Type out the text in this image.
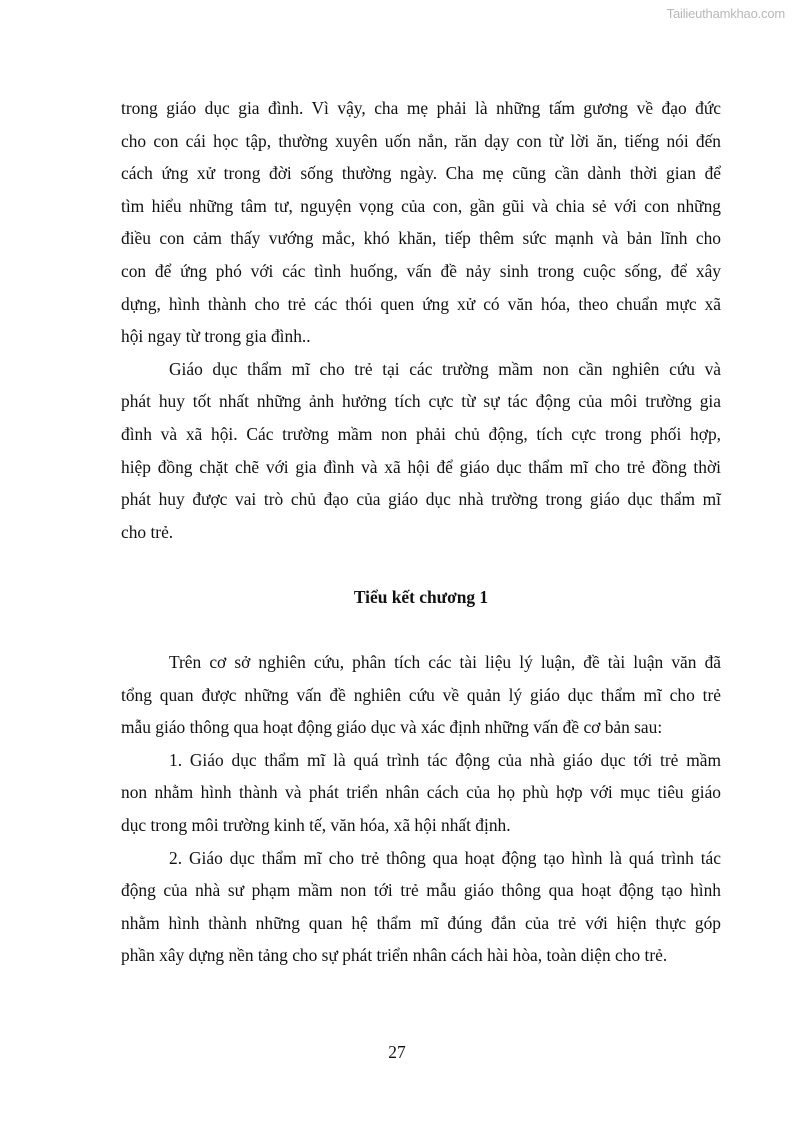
Tailieuthamkhao.com

trong giáo dục gia đình. Vì vậy, cha mẹ phải là những tấm gương về đạo đức
cho con cái học tập, thường xuyên uốn nắn, răn dạy con từ lời ăn, tiếng nói đến
cách ứng xử trong đời sống thường ngày. Cha mẹ cũng cần dành thời gian để
tìm hiểu những tâm tư, nguyện vọng của con, gần gũi và chia sẻ với con những
điều con cảm thấy vướng mắc, khó khăn, tiếp thêm sức mạnh và bản lĩnh cho
con để ứng phó với các tình huống, vấn đề nảy sinh trong cuộc sống, để xây
dựng, hình thành cho trẻ các thói quen ứng xử có văn hóa, theo chuẩn mực xã
hội ngay từ trong gia đình..

Giáo dục thẩm mĩ cho trẻ tại các trường mầm non cần nghiên cứu và
phát huy tốt nhất những ảnh hưởng tích cực từ sự tác động của môi trường gia
đình và xã hội. Các trường mầm non phải chủ động, tích cực trong phối hợp,
hiệp đồng chặt chẽ với gia đình và xã hội để giáo dục thẩm mĩ cho trẻ đồng thời
phát huy được vai trò chủ đạo của giáo dục nhà trường trong giáo dục thẩm mĩ
cho trẻ.

Tiểu kết chương 1

Trên cơ sở nghiên cứu, phân tích các tài liệu lý luận, đề tài luận văn đã
tổng quan được những vấn đề nghiên cứu về quản lý giáo dục thẩm mĩ cho trẻ
mẫu giáo thông qua hoạt động giáo dục và xác định những vấn đề cơ bản sau:

1. Giáo dục thẩm mĩ là quá trình tác động của nhà giáo dục tới trẻ mầm
non nhằm hình thành và phát triển nhân cách của họ phù hợp với mục tiêu giáo
dục trong môi trường kinh tế, văn hóa, xã hội nhất định.

2. Giáo dục thẩm mĩ cho trẻ thông qua hoạt động tạo hình là quá trình tác
động của nhà sư phạm mầm non tới trẻ mẫu giáo thông qua hoạt động tạo hình
nhằm hình thành những quan hệ thẩm mĩ đúng đắn của trẻ với hiện thực góp
phần xây dựng nền tảng cho sự phát triển nhân cách hài hòa, toàn diện cho trẻ.

27
